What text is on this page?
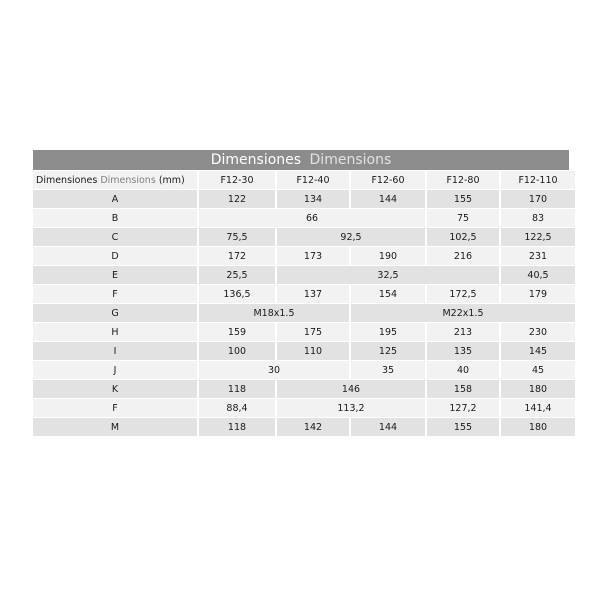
Dimensiones Dimensions
Dimensiones Dimensions (mm)	F12-30	F12-40	F12-60	F12-80	F12-110
A	122	134	144	155	170
B	66			75	83
C	75,5	92,5		102,5	122,5
D	172	173	190	216	231
E	25,5	32,5			40,5
F	136,5	137	154	172,5	179
G	M18x1.5		M22x1.5		
H	159	175	195	213	230
I	100	110	125	135	145
J	30		35	40	45
K	118	146		158	180
F	88,4	113,2		127,2	141,4
M	118	142	144	155	180
